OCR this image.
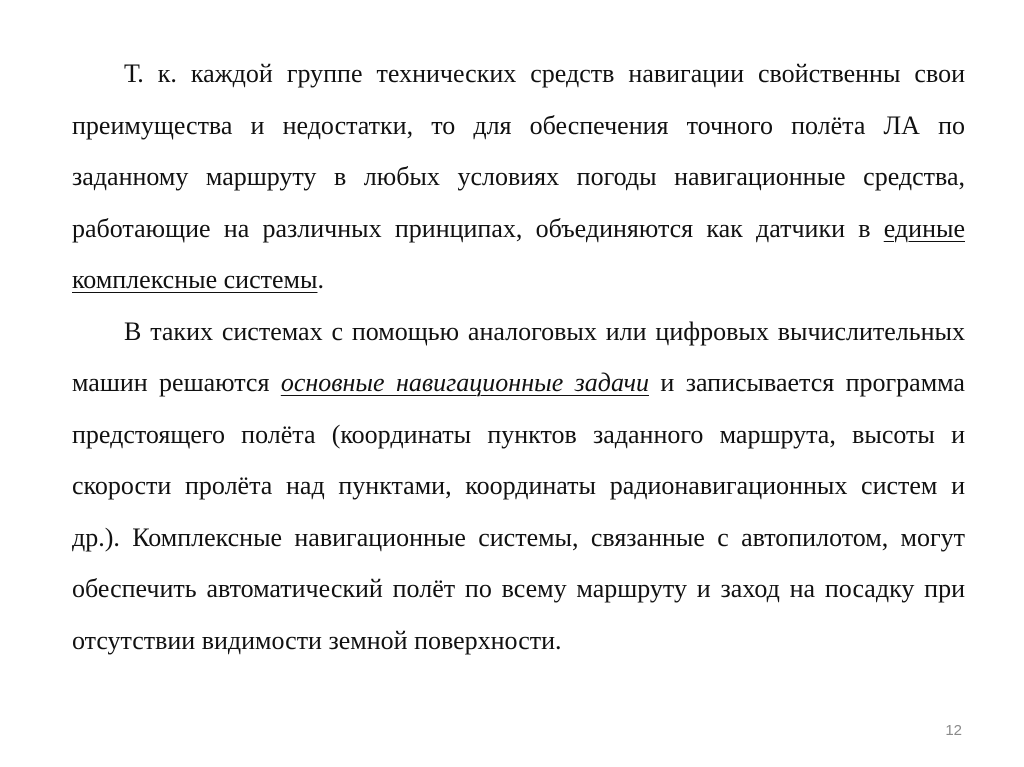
Т. к. каждой группе технических средств навигации свойственны свои преимущества и недостатки, то для обеспечения точного полёта ЛА по заданному маршруту в любых условиях погоды навигационные средства, работающие на различных принципах, объединяются как датчики в единые комплексные системы.

В таких системах с помощью аналоговых или цифровых вычислительных машин решаются основные навигационные задачи и записывается программа предстоящего полёта (координаты пунктов заданного маршрута, высоты и скорости пролёта над пунктами, координаты радионавигационных систем и др.). Комплексные навигационные системы, связанные с автопилотом, могут обеспечить автоматический полёт по всему маршруту и заход на посадку при отсутствии видимости земной поверхности.

12
